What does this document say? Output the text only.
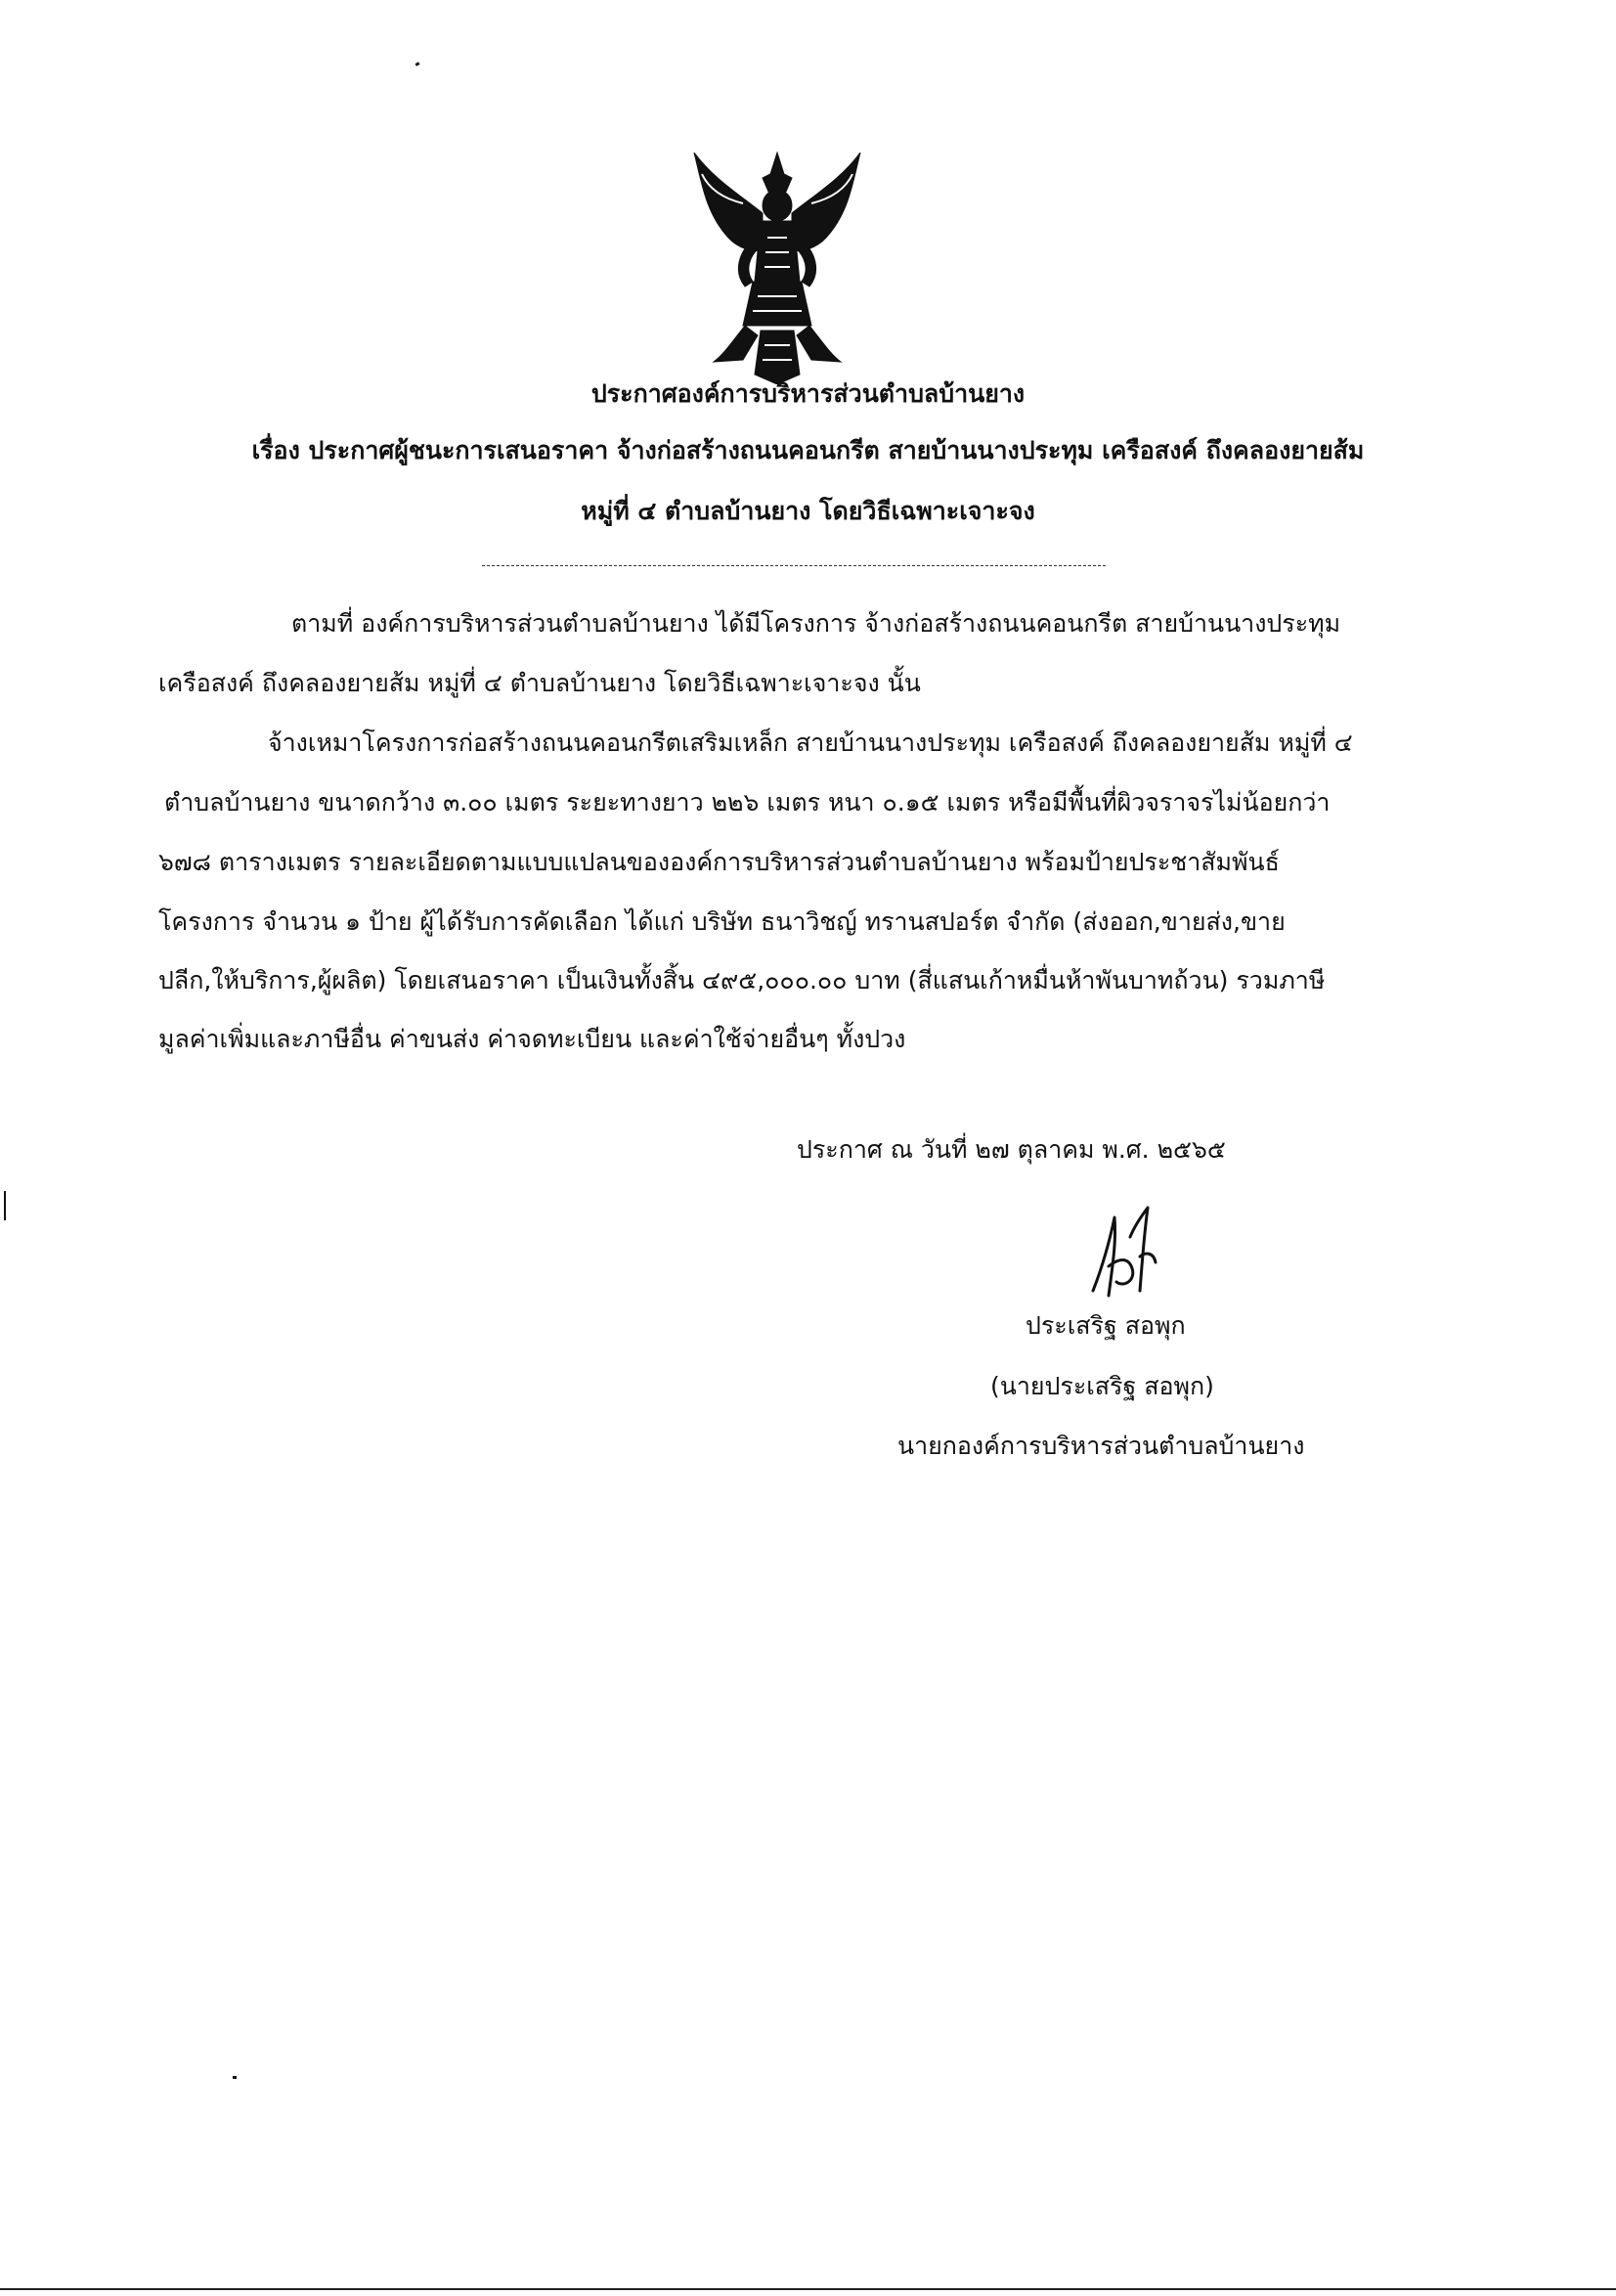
ประกาศองค์การบริหารส่วนตำบลบ้านยาง
เรื่อง ประกาศผู้ชนะการเสนอราคา จ้างก่อสร้างถนนคอนกรีต สายบ้านนางประทุม เครือสงค์ ถึงคลองยายส้ม
หมู่ที่ ๔ ตำบลบ้านยาง โดยวิธีเฉพาะเจาะจง
ตามที่ องค์การบริหารส่วนตำบลบ้านยาง ได้มีโครงการ จ้างก่อสร้างถนนคอนกรีต สายบ้านนางประทุม
เครือสงค์ ถึงคลองยายส้ม หมู่ที่ ๔ ตำบลบ้านยาง โดยวิธีเฉพาะเจาะจง นั้น
จ้างเหมาโครงการก่อสร้างถนนคอนกรีตเสริมเหล็ก สายบ้านนางประทุม เครือสงค์ ถึงคลองยายส้ม หมู่ที่ ๔
ตำบลบ้านยาง ขนาดกว้าง ๓.๐๐ เมตร ระยะทางยาว ๒๒๖ เมตร หนา ๐.๑๕ เมตร หรือมีพื้นที่ผิวจราจรไม่น้อยกว่า
๖๗๘ ตารางเมตร รายละเอียดตามแบบแปลนขององค์การบริหารส่วนตำบลบ้านยาง พร้อมป้ายประชาสัมพันธ์
โครงการ จำนวน ๑ ป้าย ผู้ได้รับการคัดเลือก ได้แก่ บริษัท ธนาวิชญ์ ทรานสปอร์ต จำกัด (ส่งออก,ขายส่ง,ขาย
ปลีก,ให้บริการ,ผู้ผลิต) โดยเสนอราคา เป็นเงินทั้งสิ้น ๔๙๕,๐๐๐.๐๐ บาท (สี่แสนเก้าหมื่นห้าพันบาทถ้วน) รวมภาษี
มูลค่าเพิ่มและภาษีอื่น ค่าขนส่ง ค่าจดทะเบียน และค่าใช้จ่ายอื่นๆ ทั้งปวง
ประกาศ ณ วันที่ ๒๗ ตุลาคม พ.ศ. ๒๕๖๕
ประเสริฐ สอพุก
(นายประเสริฐ สอพุก)
นายกองค์การบริหารส่วนตำบลบ้านยาง
